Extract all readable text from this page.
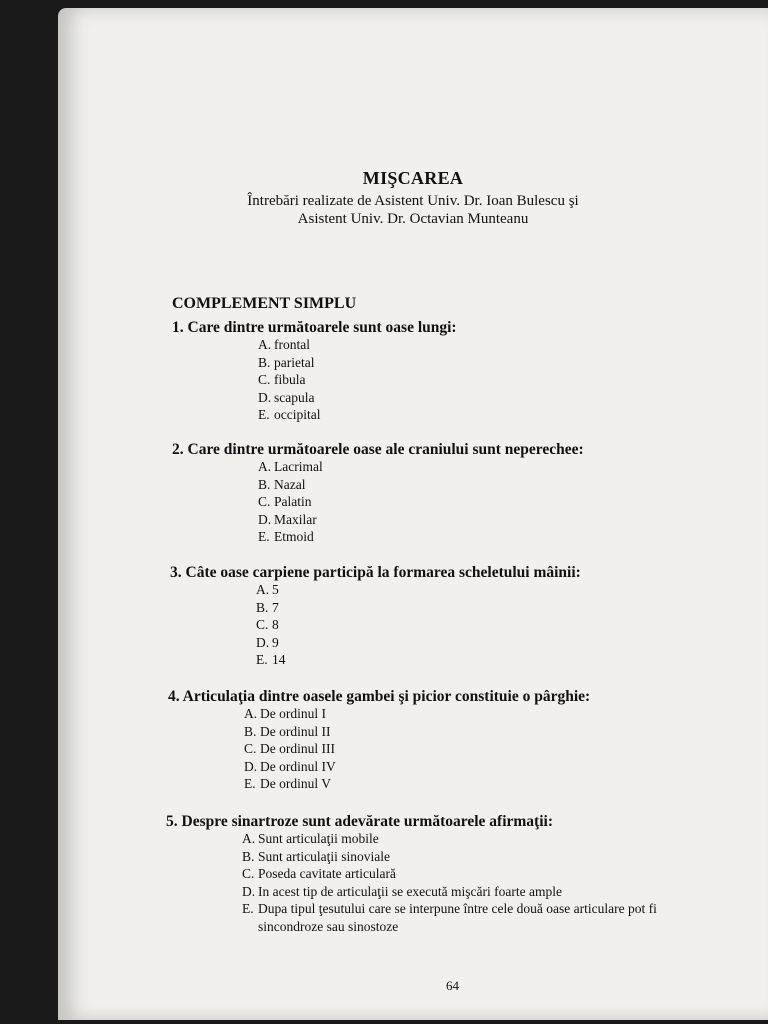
MIŞCAREA
Întrebări realizate de Asistent Univ. Dr. Ioan Bulescu şi
Asistent Univ. Dr. Octavian Munteanu
COMPLEMENT SIMPLU
1. Care dintre următoarele sunt oase lungi:
A. frontal
B. parietal
C. fibula
D. scapula
E. occipital
2. Care dintre următoarele oase ale craniului sunt neperechee:
A. Lacrimal
B. Nazal
C. Palatin
D. Maxilar
E. Etmoid
3. Câte oase carpiene participă la formarea scheletului mâinii:
A. 5
B. 7
C. 8
D. 9
E. 14
4. Articulaţia dintre oasele gambei şi picior constituie o pârghie:
A. De ordinul I
B. De ordinul II
C. De ordinul III
D. De ordinul IV
E. De ordinul V
5. Despre sinartroze sunt adevărate următoarele afirmaţii:
A. Sunt articulaţii mobile
B. Sunt articulaţii sinoviale
C. Poseda cavitate articulară
D. In acest tip de articulaţii se execută mişcări foarte ample
E. Dupa tipul ţesutului care se interpune între cele două oase articulare pot fi sincondroze sau sinostoze
64
